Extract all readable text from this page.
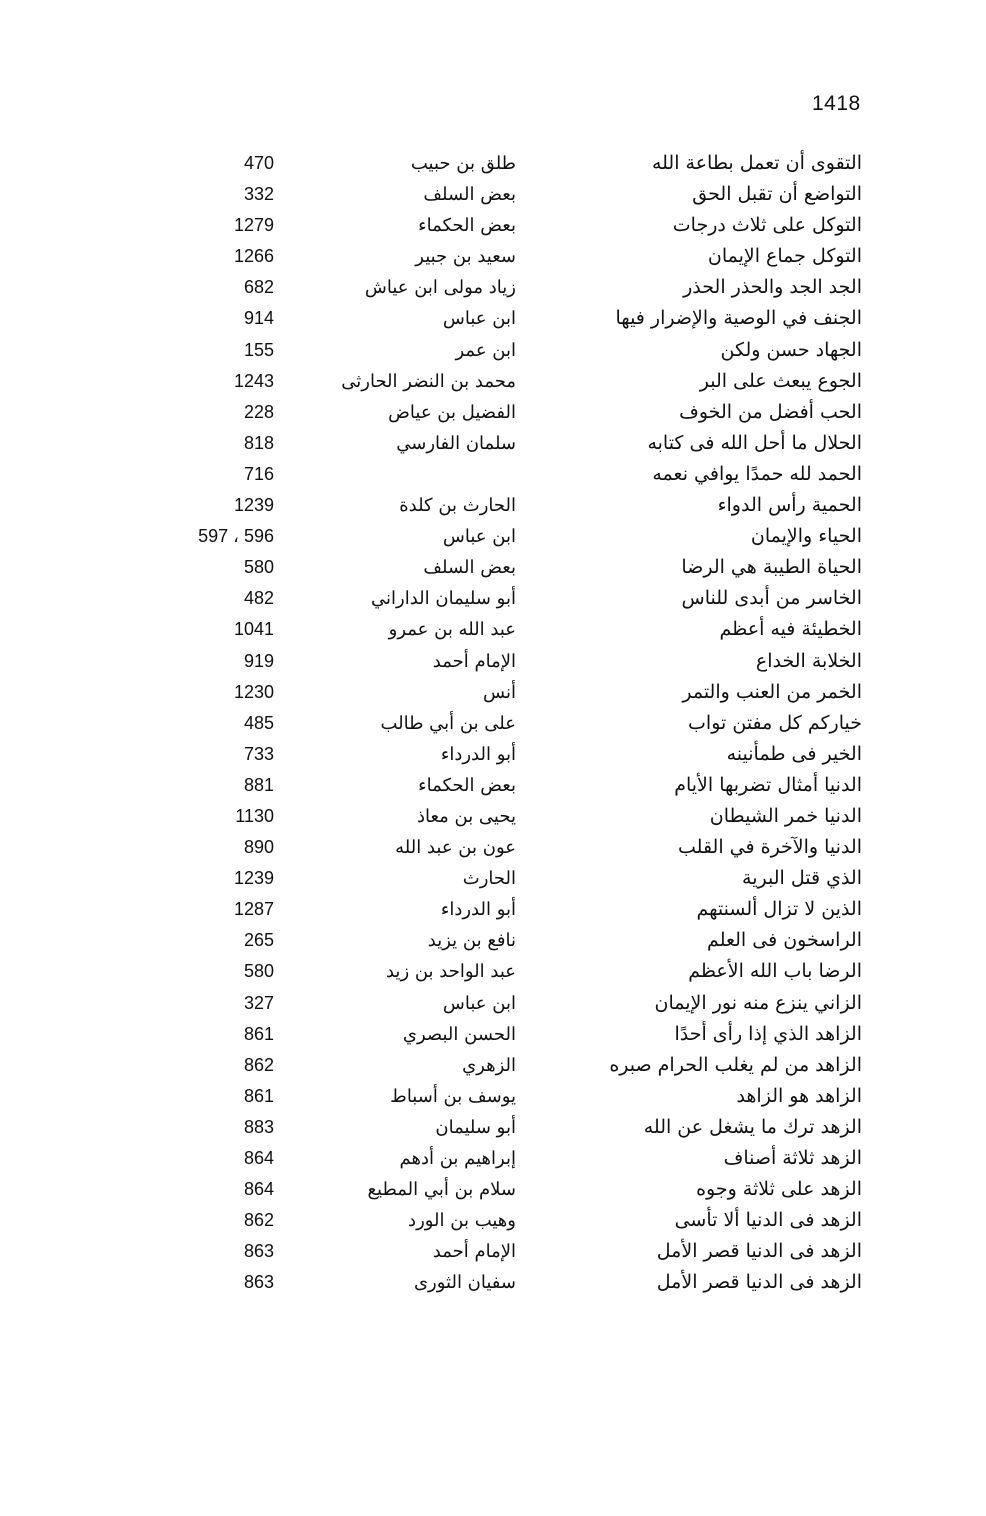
1418
التقوى أن تعمل بطاعة الله
طلق بن حبيب
470
التواضع أن تقبل الحق
بعض السلف
332
التوكل على ثلاث درجات
بعض الحكماء
1279
التوكل جماع الإيمان
سعيد بن جبير
1266
الجد الجد والحذر الحذر
زياد مولى ابن عياش
682
الجنف في الوصية والإضرار فيها
ابن عباس
914
الجهاد حسن ولكن
ابن عمر
155
الجوع يبعث على البر
محمد بن النضر الحارثى
1243
الحب أفضل من الخوف
الفضيل بن عياض
228
الحلال ما أحل الله فى كتابه
سلمان الفارسي
818
الحمد لله حمدًا يوافي نعمه
716
الحمية رأس الدواء
الحارث بن كلدة
1239
الحياء والإيمان
ابن عباس
597 ، 596
الحياة الطيبة هي الرضا
بعض السلف
580
الخاسر من أبدى للناس
أبو سليمان الداراني
482
الخطيئة فيه أعظم
عبد الله بن عمرو
1041
الخلابة الخداع
الإمام أحمد
919
الخمر من العنب والتمر
أنس
1230
خياركم كل مفتن تواب
على بن أبي طالب
485
الخير فى طمأنينه
أبو الدرداء
733
الدنيا أمثال تضربها الأيام
بعض الحكماء
881
الدنيا خمر الشيطان
يحيى بن معاذ
1130
الدنيا والآخرة في القلب
عون بن عبد الله
890
الذي قتل البرية
الحارث
1239
الذين لا تزال ألسنتهم
أبو الدرداء
1287
الراسخون فى العلم
نافع بن يزيد
265
الرضا باب الله الأعظم
عبد الواحد بن زيد
580
الزاني ينزع منه نور الإيمان
ابن عباس
327
الزاهد الذي إذا رأى أحدًا
الحسن البصري
861
الزاهد من لم يغلب الحرام صبره
الزهري
862
الزاهد هو الزاهد
يوسف بن أسباط
861
الزهد ترك ما يشغل عن الله
أبو سليمان
883
الزهد ثلاثة أصناف
إبراهيم بن أدهم
864
الزهد على ثلاثة وجوه
سلام بن أبي المطيع
864
الزهد فى الدنيا ألا تأسى
وهيب بن الورد
862
الزهد فى الدنيا قصر الأمل
الإمام أحمد
863
الزهد فى الدنيا قصر الأمل
سفيان الثورى
863
